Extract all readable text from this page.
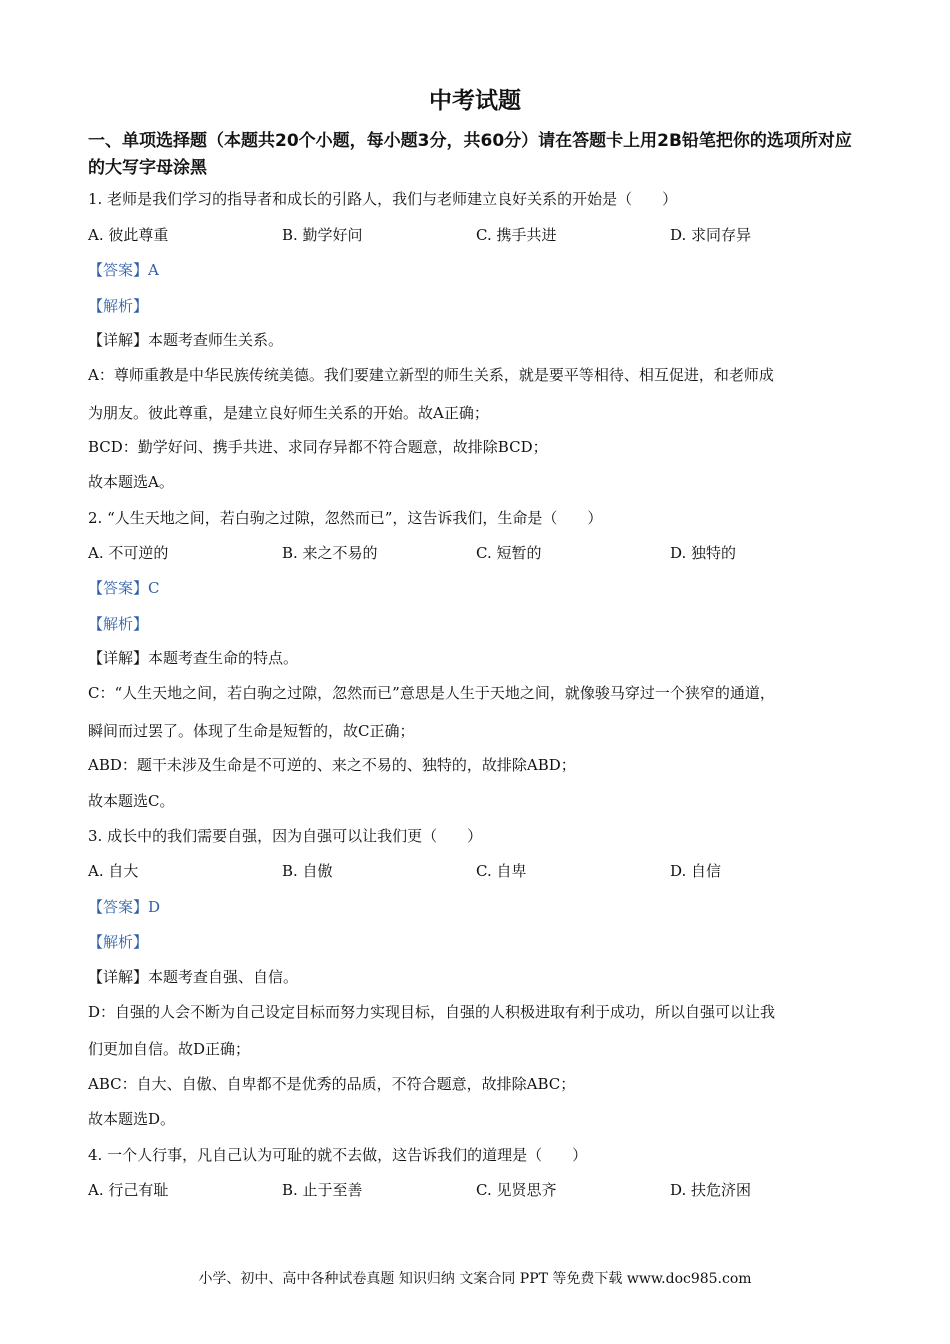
中考试题
一、单项选择题（本题共20个小题，每小题3分，共60分）请在答题卡上用2B铅笔把你的选项所对应的大写字母涂黑
1. 老师是我们学习的指导者和成长的引路人，我们与老师建立良好关系的开始是（　　）
A. 彼此尊重	B. 勤学好问	C. 携手共进	D. 求同存异
【答案】A
【解析】
【详解】本题考查师生关系。
A：尊师重教是中华民族传统美德。我们要建立新型的师生关系，就是要平等相待、相互促进，和老师成
为朋友。彼此尊重，是建立良好师生关系的开始。故A正确；
BCD：勤学好问、携手共进、求同存异都不符合题意，故排除BCD；
故本题选A。
2. “人生天地之间，若白驹之过隙，忽然而已”，这告诉我们，生命是（　　）
A. 不可逆的	B. 来之不易的	C. 短暂的	D. 独特的
【答案】C
【解析】
【详解】本题考查生命的特点。
C：“人生天地之间，若白驹之过隙，忽然而已”意思是人生于天地之间，就像骏马穿过一个狭窄的通道，
瞬间而过罢了。体现了生命是短暂的，故C正确；
ABD：题干未涉及生命是不可逆的、来之不易的、独特的，故排除ABD；
故本题选C。
3. 成长中的我们需要自强，因为自强可以让我们更（　　）
A. 自大	B. 自傲	C. 自卑	D. 自信
【答案】D
【解析】
【详解】本题考查自强、自信。
D：自强的人会不断为自己设定目标而努力实现目标，自强的人积极进取有利于成功，所以自强可以让我
们更加自信。故D正确；
ABC：自大、自傲、自卑都不是优秀的品质，不符合题意，故排除ABC；
故本题选D。
4. 一个人行事，凡自己认为可耻的就不去做，这告诉我们的道理是（　　）
A. 行己有耻	B. 止于至善	C. 见贤思齐	D. 扶危济困
小学、初中、高中各种试卷真题 知识归纳 文案合同 PPT 等免费下载 www.doc985.com
